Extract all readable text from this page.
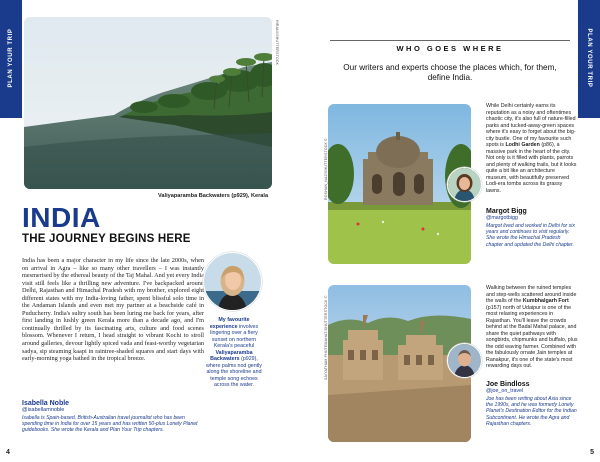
PLAN YOUR TRIP	HIRANI/SHUTTERSTOCK
Valiyaparamba Backwaters (p929), Kerala
INDIA
THE JOURNEY BEGINS HERE
India has been a major character in my life since the late 2000s, when on arrival in Agra – like so many other travellers – I was instantly mesmerised by the ethereal beauty of the Taj Mahal. And yet every India visit still feels like a thrilling new adventure. I've backpacked around Delhi, Rajasthan and Himachal Pradesh with my brother, explored eight different states with my India-loving father, spent blissful solo time in the Andaman Islands and even met my partner at a beachside café in Puducherry. India's sultry south has been luring me back for years, after first landing in lushly green Kerala more than a decade ago, and I'm continually thrilled by its fascinating arts, culture and food scenes blossom. Whenever I return, I head straight to vibrant Kochi to stroll around galleries, devour lightly spiced vada and feast-worthy vegetarian sadya, sip steaming kaapi in raintree-shaded squares and start days with early-morning yoga bathed in the tropical breeze.
Isabella Noble
@isabellamnoble
Isabella is Spain-based, British-Australian travel journalist who has been spending time in India for over 15 years and has written 50-plus Lonely Planet guidebooks. She wrote the Kerala and Plan Your Trip chapters.
My favourite experience involves lingering over a fiery sunset on northern Kerala's peaceful Valiyaparamba Backwaters (p929), where palms nod gently along the shoreline and temple song echoes across the water.
4
PLAN YOUR TRIP
WHO GOES WHERE
Our writers and experts choose the places which, for them, define India.
ROSHAN_NAZ/SHUTTERSTOCK ©
While Delhi certainly earns its reputation as a noisy and oftentimes chaotic city, it's also full of nature-filled parks and tucked-away-green spaces where it's easy to forget about the big-city bustle. One of my favourite such spots is Lodhi Garden (p86), a massive park in the heart of the city. Not only is it filled with plants, parrots and plenty of walking trails, but it looks quite a bit like an architecture museum, with beautifully preserved Lodi-era tombs across its grassy lawns.
Margot Bigg
@margotbigg
Margot lived and worked in Delhi for six years and continues to visit regularly. She wrote the Himachal Pradesh chapter and updated the Delhi chapter.
SAIYATHAM PHUTEMAHAT/SHUTTERSTOCK ©
Walking between the ruined temples and step-wells scattered around inside the walls of the Kumbhalgarh Fort (p157) north of Udaipur is one of the most relaxing experiences in Rajasthan. You'll leave the crowds behind at the Badal Mahal palace, and share the quiet pathways with songbirds, chipmunks and buffalo, plus the odd waving farmer. Combined with the fabulously ornate Jain temples at Ranakpur, it's one of the state's most rewarding days out.
Joe Bindloss
@joe_on_travel
Joe has been writing about Asia since the 1990s, and he was formerly Lonely Planet's Destination Editor for the Indian Subcontinent. He wrote the Agra and Rajasthan chapters.
5
